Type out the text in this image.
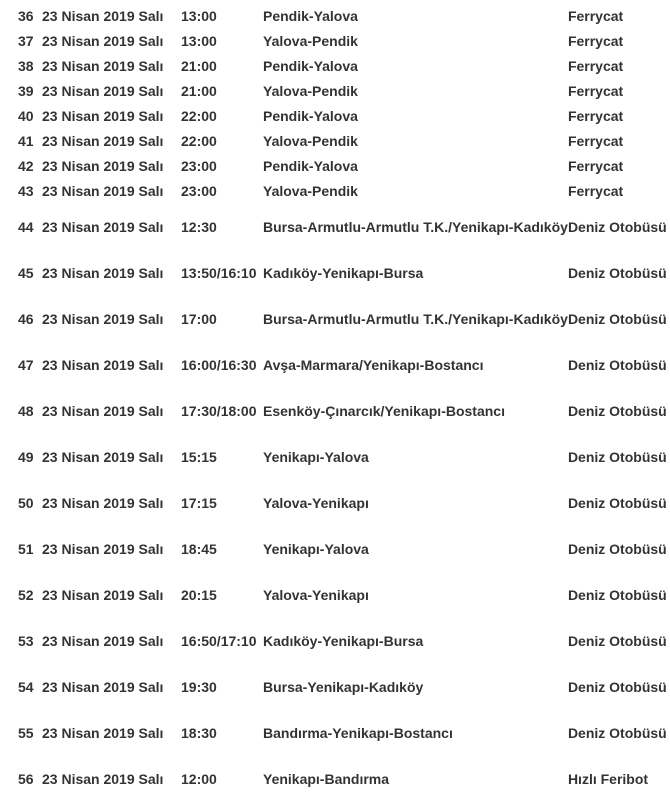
36	23 Nisan 2019 Salı	13:00	Pendik-Yalova	Ferrycat
37	23 Nisan 2019 Salı	13:00	Yalova-Pendik	Ferrycat
38	23 Nisan 2019 Salı	21:00	Pendik-Yalova	Ferrycat
39	23 Nisan 2019 Salı	21:00	Yalova-Pendik	Ferrycat
40	23 Nisan 2019 Salı	22:00	Pendik-Yalova	Ferrycat
41	23 Nisan 2019 Salı	22:00	Yalova-Pendik	Ferrycat
42	23 Nisan 2019 Salı	23:00	Pendik-Yalova	Ferrycat
43	23 Nisan 2019 Salı	23:00	Yalova-Pendik	Ferrycat
44	23 Nisan 2019 Salı	12:30	Bursa-Armutlu-Armutlu T.K./Yenikapı-Kadıköy	Deniz Otobüsü
45	23 Nisan 2019 Salı	13:50/16:10	Kadıköy-Yenikapı-Bursa	Deniz Otobüsü
46	23 Nisan 2019 Salı	17:00	Bursa-Armutlu-Armutlu T.K./Yenikapı-Kadıköy	Deniz Otobüsü
47	23 Nisan 2019 Salı	16:00/16:30	Avşa-Marmara/Yenikapı-Bostancı	Deniz Otobüsü
48	23 Nisan 2019 Salı	17:30/18:00	Esenköy-Çınarcık/Yenikapı-Bostancı	Deniz Otobüsü
49	23 Nisan 2019 Salı	15:15	Yenikapı-Yalova	Deniz Otobüsü
50	23 Nisan 2019 Salı	17:15	Yalova-Yenikapı	Deniz Otobüsü
51	23 Nisan 2019 Salı	18:45	Yenikapı-Yalova	Deniz Otobüsü
52	23 Nisan 2019 Salı	20:15	Yalova-Yenikapı	Deniz Otobüsü
53	23 Nisan 2019 Salı	16:50/17:10	Kadıköy-Yenikapı-Bursa	Deniz Otobüsü
54	23 Nisan 2019 Salı	19:30	Bursa-Yenikapı-Kadıköy	Deniz Otobüsü
55	23 Nisan 2019 Salı	18:30	Bandırma-Yenikapı-Bostancı	Deniz Otobüsü
56	23 Nisan 2019 Salı	12:00	Yenikapı-Bandırma	Hızlı Feribot
